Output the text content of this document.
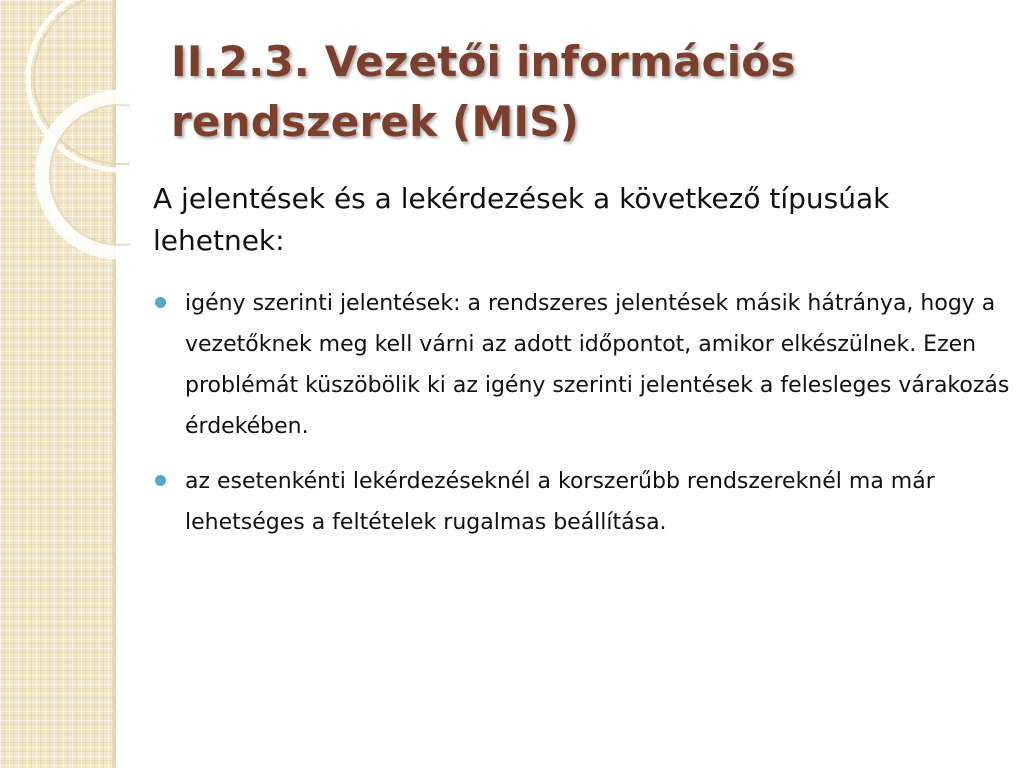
II.2.3. Vezetői információs
rendszerek (MIS)

A jelentések és a lekérdezések a következő típusúak lehetnek:

igény szerinti jelentések: a rendszeres jelentések másik hátránya, hogy a vezetőknek meg kell várni az adott időpontot, amikor elkészülnek. Ezen problémát küszöbölik ki az igény szerinti jelentések a felesleges várakozás érdekében.
az esetenkénti lekérdezéseknél a korszerűbb rendszereknél ma már lehetséges a feltételek rugalmas beállítása.
